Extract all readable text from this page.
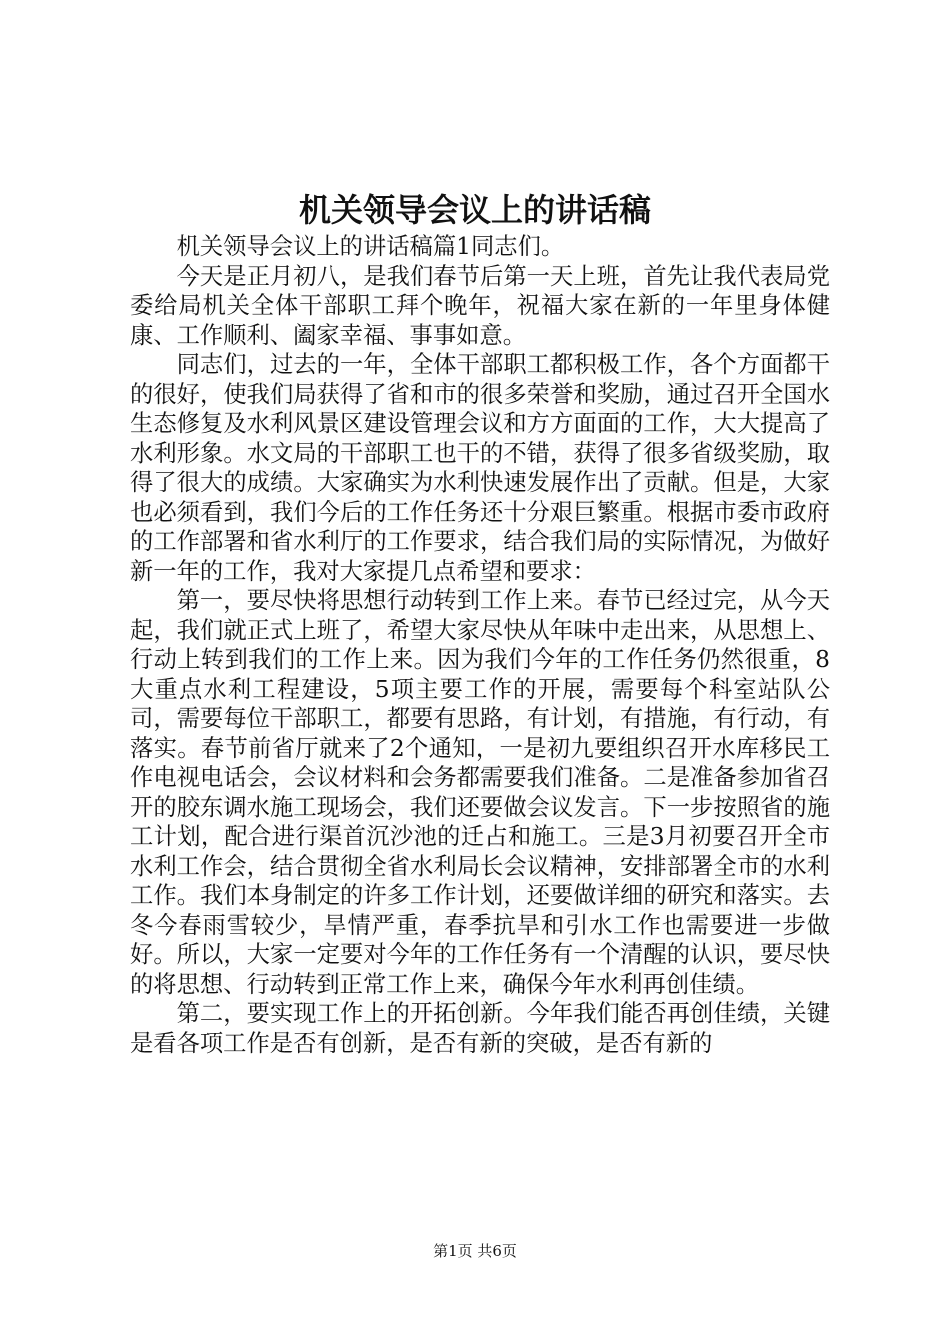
机关领导会议上的讲话稿

机关领导会议上的讲话稿篇1同志们。

今天是正月初八，是我们春节后第一天上班，首先让我代表局党委给局机关全体干部职工拜个晚年，祝福大家在新的一年里身体健康、工作顺利、阖家幸福、事事如意。

同志们，过去的一年，全体干部职工都积极工作，各个方面都干的很好，使我们局获得了省和市的很多荣誉和奖励，通过召开全国水生态修复及水利风景区建设管理会议和方方面面的工作，大大提高了水利形象。水文局的干部职工也干的不错，获得了很多省级奖励，取得了很大的成绩。大家确实为水利快速发展作出了贡献。但是，大家也必须看到，我们今后的工作任务还十分艰巨繁重。根据市委市政府的工作部署和省水利厅的工作要求，结合我们局的实际情况，为做好新一年的工作，我对大家提几点希望和要求：

第一，要尽快将思想行动转到工作上来。春节已经过完，从今天起，我们就正式上班了，希望大家尽快从年味中走出来，从思想上、行动上转到我们的工作上来。因为我们今年的工作任务仍然很重，8大重点水利工程建设，5项主要工作的开展，需要每个科室站队公司，需要每位干部职工，都要有思路，有计划，有措施，有行动，有落实。春节前省厅就来了2个通知，一是初九要组织召开水库移民工作电视电话会，会议材料和会务都需要我们准备。二是准备参加省召开的胶东调水施工现场会，我们还要做会议发言。下一步按照省的施工计划，配合进行渠首沉沙池的迁占和施工。三是3月初要召开全市水利工作会，结合贯彻全省水利局长会议精神，安排部署全市的水利工作。我们本身制定的许多工作计划，还要做详细的研究和落实。去冬今春雨雪较少，旱情严重，春季抗旱和引水工作也需要进一步做好。所以，大家一定要对今年的工作任务有一个清醒的认识，要尽快的将思想、行动转到正常工作上来，确保今年水利再创佳绩。

第二，要实现工作上的开拓创新。今年我们能否再创佳绩，关键是看各项工作是否有创新，是否有新的突破，是否有新的

第1页 共6页
